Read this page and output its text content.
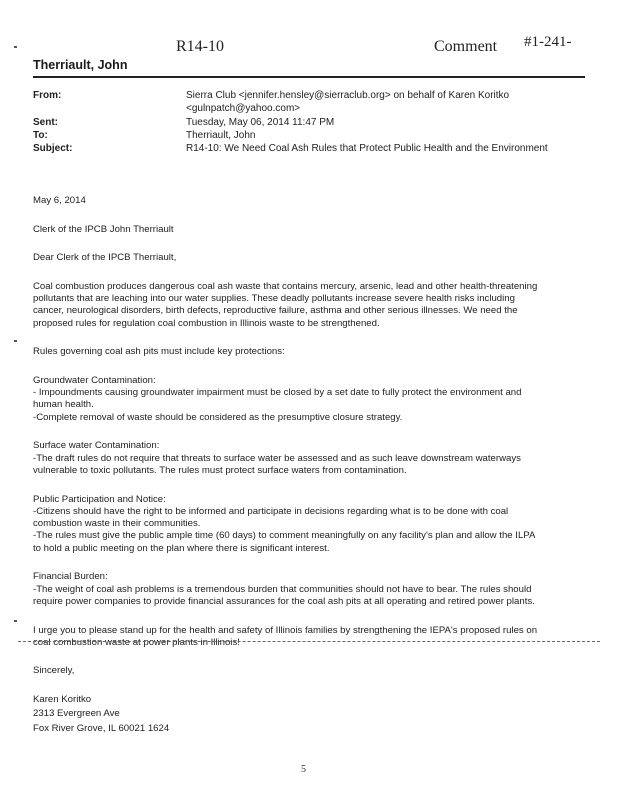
R14-10	Comment #1-241-
Therriault, John
From:	Sierra Club <jennifer.hensley@sierraclub.org> on behalf of Karen Koritko
<gulnpatch@yahoo.com>
Sent:	Tuesday, May 06, 2014 11:47 PM
To:	Therriault, John
Subject:	R14-10: We Need Coal Ash Rules that Protect Public Health and the Environment

May 6, 2014

Clerk of the IPCB John Therriault

Dear Clerk of the IPCB Therriault,

Coal combustion produces dangerous coal ash waste that contains mercury, arsenic, lead and other health-threatening

pollutants that are leaching into our water supplies. These deadly pollutants increase severe health risks including

cancer, neurological disorders, birth defects, reproductive failure, asthma and other serious illnesses. We need the

proposed rules for regulation coal combustion in Illinois waste to be strengthened.

Rules governing coal ash pits must include key protections:

Groundwater Contamination:

- Impoundments causing groundwater impairment must be closed by a set date to fully protect the environment and

human health.

-Complete removal of waste should be considered as the presumptive closure strategy.

Surface water Contamination:

-The draft rules do not require that threats to surface water be assessed and as such leave downstream waterways

vulnerable to toxic pollutants. The rules must protect surface waters from contamination.

Public Participation and Notice:

-Citizens should have the right to be informed and participate in decisions regarding what is to be done with coal

combustion waste in their communities.

-The rules must give the public ample time (60 days) to comment meaningfully on any facility's plan and allow the ILPA

to hold a public meeting on the plan where there is significant interest.

Financial Burden:

-The weight of coal ash problems is a tremendous burden that communities should not have to bear. The rules should

require power companies to provide financial assurances for the coal ash pits at all operating and retired power plants.

I urge you to please stand up for the health and safety of Illinois families by strengthening the IEPA's proposed rules on

coal combustion waste at power plants in Illinois!

Sincerely,

Karen Koritko

2313 Evergreen Ave

Fox River Grove, IL 60021 1624

5
